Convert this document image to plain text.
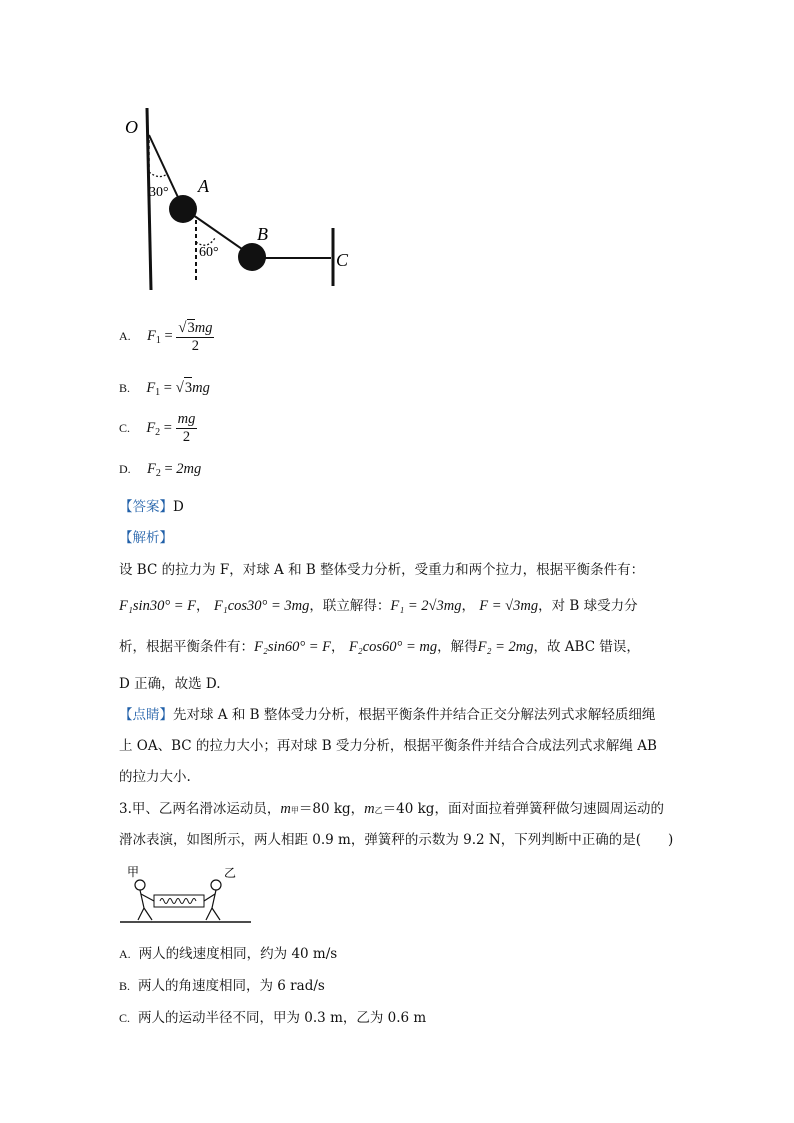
O
A
B
C
30°
60°
A. $F_1 = \frac{√3mg}{2}$
B. $F_1 = √3mg$
C. $F_2 = \frac{mg}{2}$
D. $F_2 = 2mg$
【答案】D
【解析】
设 BC 的拉力为 F，对球 A 和 B 整体受力分析，受重力和两个拉力，根据平衡条件有：
F₁sin30° = F， F₁cos30° = 3mg，联立解得：F₁ = 2√3mg， F = √3mg，对 B 球受力分
析，根据平衡条件有：F₂sin60° = F， F₂cos60° = mg，解得F₂ = 2mg，故 ABC 错误，
D 正确，故选 D.
【点睛】先对球 A 和 B 整体受力分析，根据平衡条件并结合正交分解法列式求解轻质细绳
上 OA、BC 的拉力大小；再对球 B 受力分析，根据平衡条件并结合合成法列式求解绳 AB
的拉力大小.
3.甲、乙两名滑冰运动员，m甲＝80 kg，m乙＝40 kg，面对面拉着弹簧秤做匀速圆周运动的
滑冰表演，如图所示，两人相距 0.9 m，弹簧秤的示数为 9.2 N，下列判断中正确的是(　　)
甲	乙
A. 两人的线速度相同，约为 40 m/s
B. 两人的角速度相同，为 6 rad/s
C. 两人的运动半径不同，甲为 0.3 m，乙为 0.6 m
